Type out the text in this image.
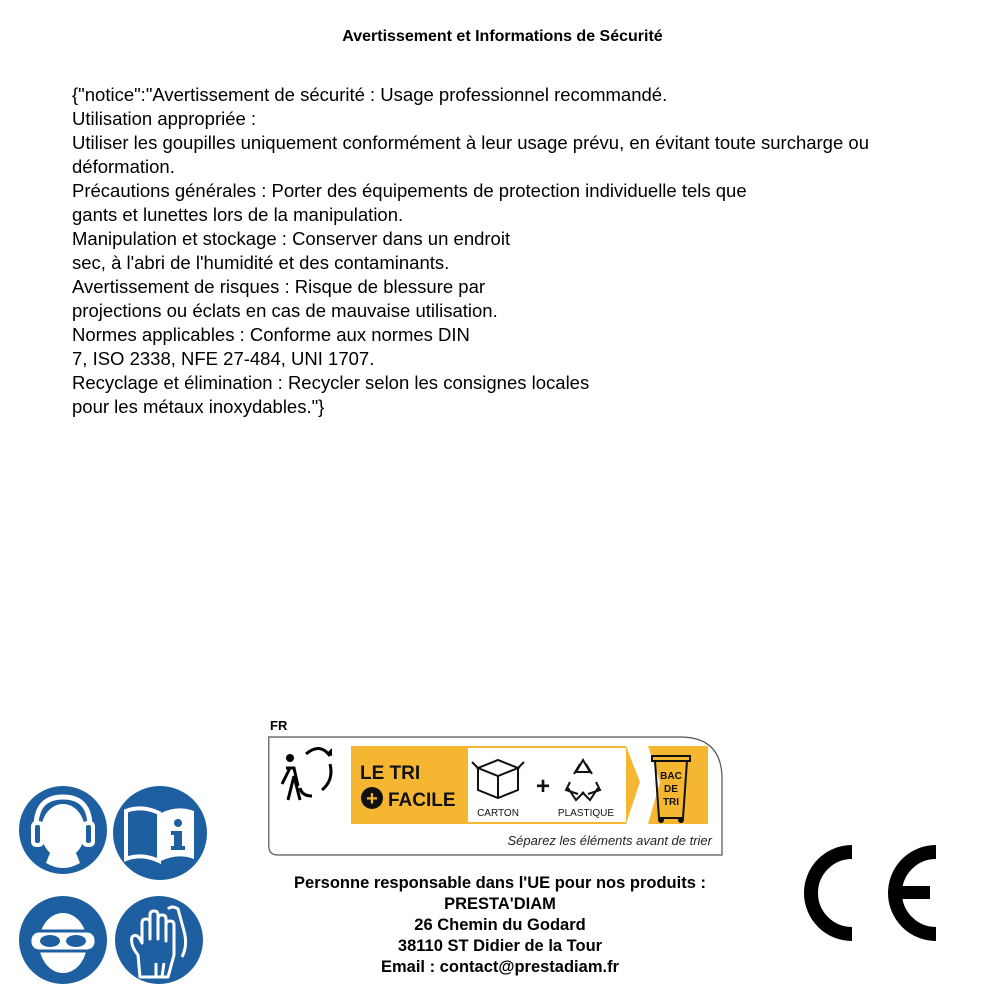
Avertissement et Informations de Sécurité
{"notice":"Avertissement de sécurité : Usage professionnel recommandé.
Utilisation appropriée :
Utiliser les goupilles uniquement conformément à leur usage prévu, en évitant toute surcharge ou
déformation.
Précautions générales : Porter des équipements de protection individuelle tels que
gants et lunettes lors de la manipulation.
Manipulation et stockage : Conserver dans un endroit
sec, à l'abri de l'humidité et des contaminants.
Avertissement de risques : Risque de blessure par
projections ou éclats en cas de mauvaise utilisation.
Normes applicables : Conforme aux normes DIN
7, ISO 2338, NFE 27-484, UNI 1707.
Recyclage et élimination : Recycler selon les consignes locales
pour les métaux inoxydables."}
FR
LE TRI
+ FACILE
CARTON
+
PLASTIQUE
BAC
DE
TRI
Séparez les éléments avant de trier
Personne responsable dans l'UE pour nos produits :
PRESTA'DIAM
26 Chemin du Godard
38110 ST Didier de la Tour
Email : contact@prestadiam.fr
